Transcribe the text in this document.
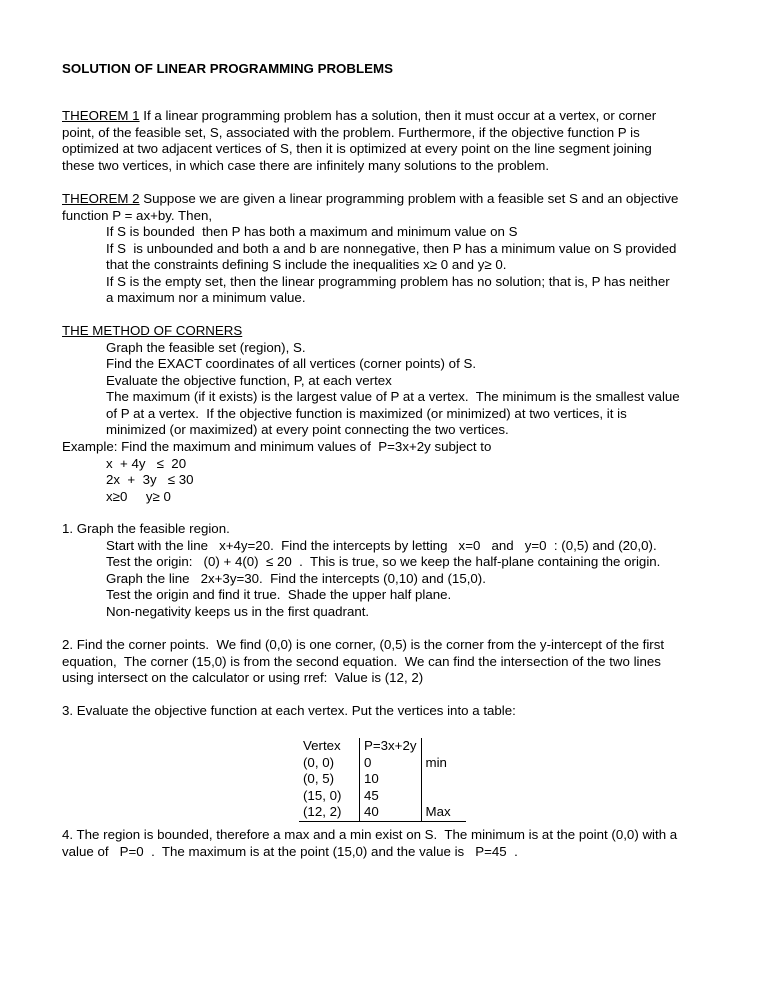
SOLUTION OF LINEAR PROGRAMMING PROBLEMS

THEOREM 1 If a linear programming problem has a solution, then it must occur at a vertex, or corner

point, of the feasible set, S, associated with the problem. Furthermore, if the objective function P is

optimized at two adjacent vertices of S, then it is optimized at every point on the line segment joining

these two vertices, in which case there are infinitely many solutions to the problem.

THEOREM 2 Suppose we are given a linear programming problem with a feasible set S and an objective

function P = ax+by. Then,

If S is bounded  then P has both a maximum and minimum value on S

If S  is unbounded and both a and b are nonnegative, then P has a minimum value on S provided

that the constraints defining S include the inequalities x≥ 0 and y≥ 0.

If S is the empty set, then the linear programming problem has no solution; that is, P has neither

a maximum nor a minimum value.

THE METHOD OF CORNERS

Graph the feasible set (region), S.

Find the EXACT coordinates of all vertices (corner points) of S.

Evaluate the objective function, P, at each vertex

The maximum (if it exists) is the largest value of P at a vertex.  The minimum is the smallest value

of P at a vertex.  If the objective function is maximized (or minimized) at two vertices, it is

minimized (or maximized) at every point connecting the two vertices.

Example: Find the maximum and minimum values of  P=3x+2y subject to

x  + 4y   ≤  20

2x  +  3y   ≤ 30

x≥0     y≥ 0

1. Graph the feasible region.

Start with the line   x+4y=20.  Find the intercepts by letting   x=0   and   y=0  : (0,5) and (20,0).

Test the origin:   (0) + 4(0)  ≤ 20  .  This is true, so we keep the half-plane containing the origin.

Graph the line   2x+3y=30.  Find the intercepts (0,10) and (15,0).

Test the origin and find it true.  Shade the upper half plane.

Non-negativity keeps us in the first quadrant.

2. Find the corner points.  We find (0,0) is one corner, (0,5) is the corner from the y-intercept of the first

equation,  The corner (15,0) is from the second equation.  We can find the intersection of the two lines

using intersect on the calculator or using rref:  Value is (12, 2)

3. Evaluate the objective function at each vertex. Put the vertices into a table:

Vertex	P=3x+2y	
(0, 0)	0	min
(0, 5)	10	
(15, 0)	45	
(12, 2)	40	Max

4. The region is bounded, therefore a max and a min exist on S.  The minimum is at the point (0,0) with a

value of   P=0  .  The maximum is at the point (15,0) and the value is   P=45  .
